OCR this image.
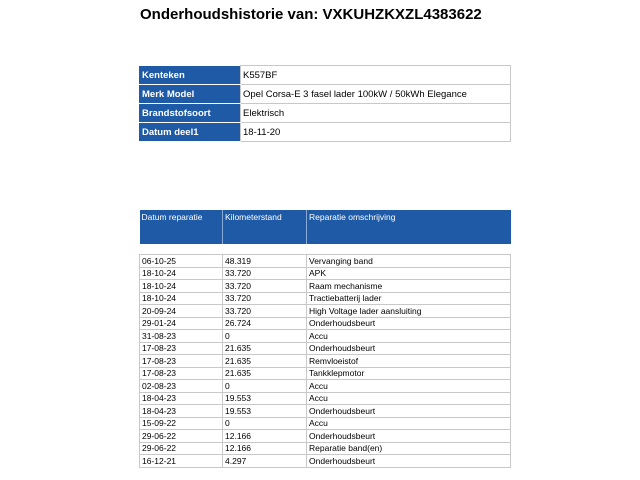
Onderhoudshistorie van: VXKUHZKXZL4383622
Kenteken	K557BF
Merk Model	Opel Corsa-E 3 fasel lader 100kW / 50kWh Elegance
Brandstofsoort	Elektrisch
Datum deel1	18-11-20
Datum reparatie	Kilometerstand	Reparatie omschrijving

06-10-25	48.319	Vervanging band
18-10-24	33.720	APK
18-10-24	33.720	Raam mechanisme
18-10-24	33.720	Tractiebatterij lader
20-09-24	33.720	High Voltage lader aansluiting
29-01-24	26.724	Onderhoudsbeurt
31-08-23	0	Accu
17-08-23	21.635	Onderhoudsbeurt
17-08-23	21.635	Remvloeistof
17-08-23	21.635	Tankklepmotor
02-08-23	0	Accu
18-04-23	19.553	Accu
18-04-23	19.553	Onderhoudsbeurt
15-09-22	0	Accu
29-06-22	12.166	Onderhoudsbeurt
29-06-22	12.166	Reparatie band(en)
16-12-21	4.297	Onderhoudsbeurt
